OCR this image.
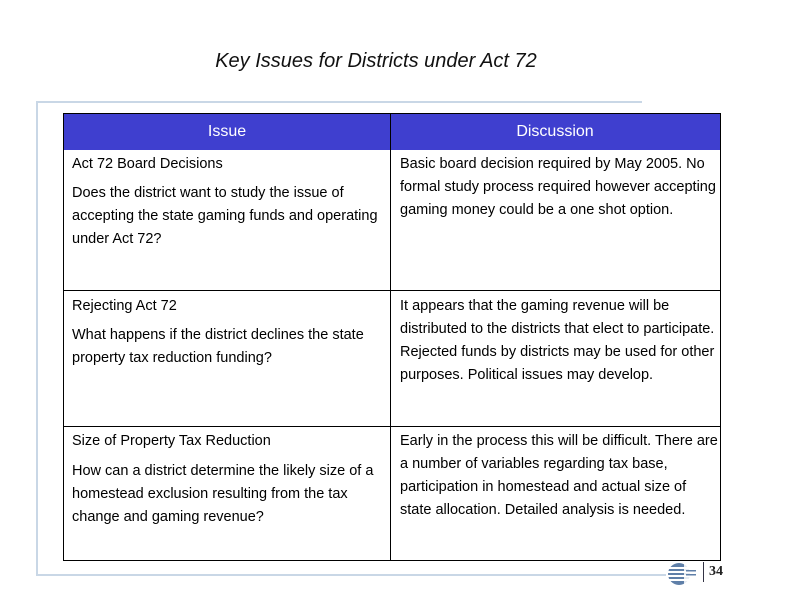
Key Issues for Districts under Act 72
Issue	Discussion
Act 72 Board Decisions
Does the district want to study the issue of accepting the state gaming funds and operating under Act 72?
Basic board decision required by May 2005. No formal study process required however accepting gaming money could be a one shot option.
Rejecting Act 72
What happens if the district declines the state property tax reduction funding?
It appears that the gaming revenue will be distributed to the districts that elect to participate. Rejected funds by districts may be used for other purposes. Political issues may develop.
Size of Property Tax Reduction
How can a district determine the likely size of a homestead exclusion resulting from the tax change and gaming revenue?
Early in the process this will be difficult. There are a number of variables regarding tax base, participation in homestead and actual size of state allocation. Detailed analysis is needed.
34
